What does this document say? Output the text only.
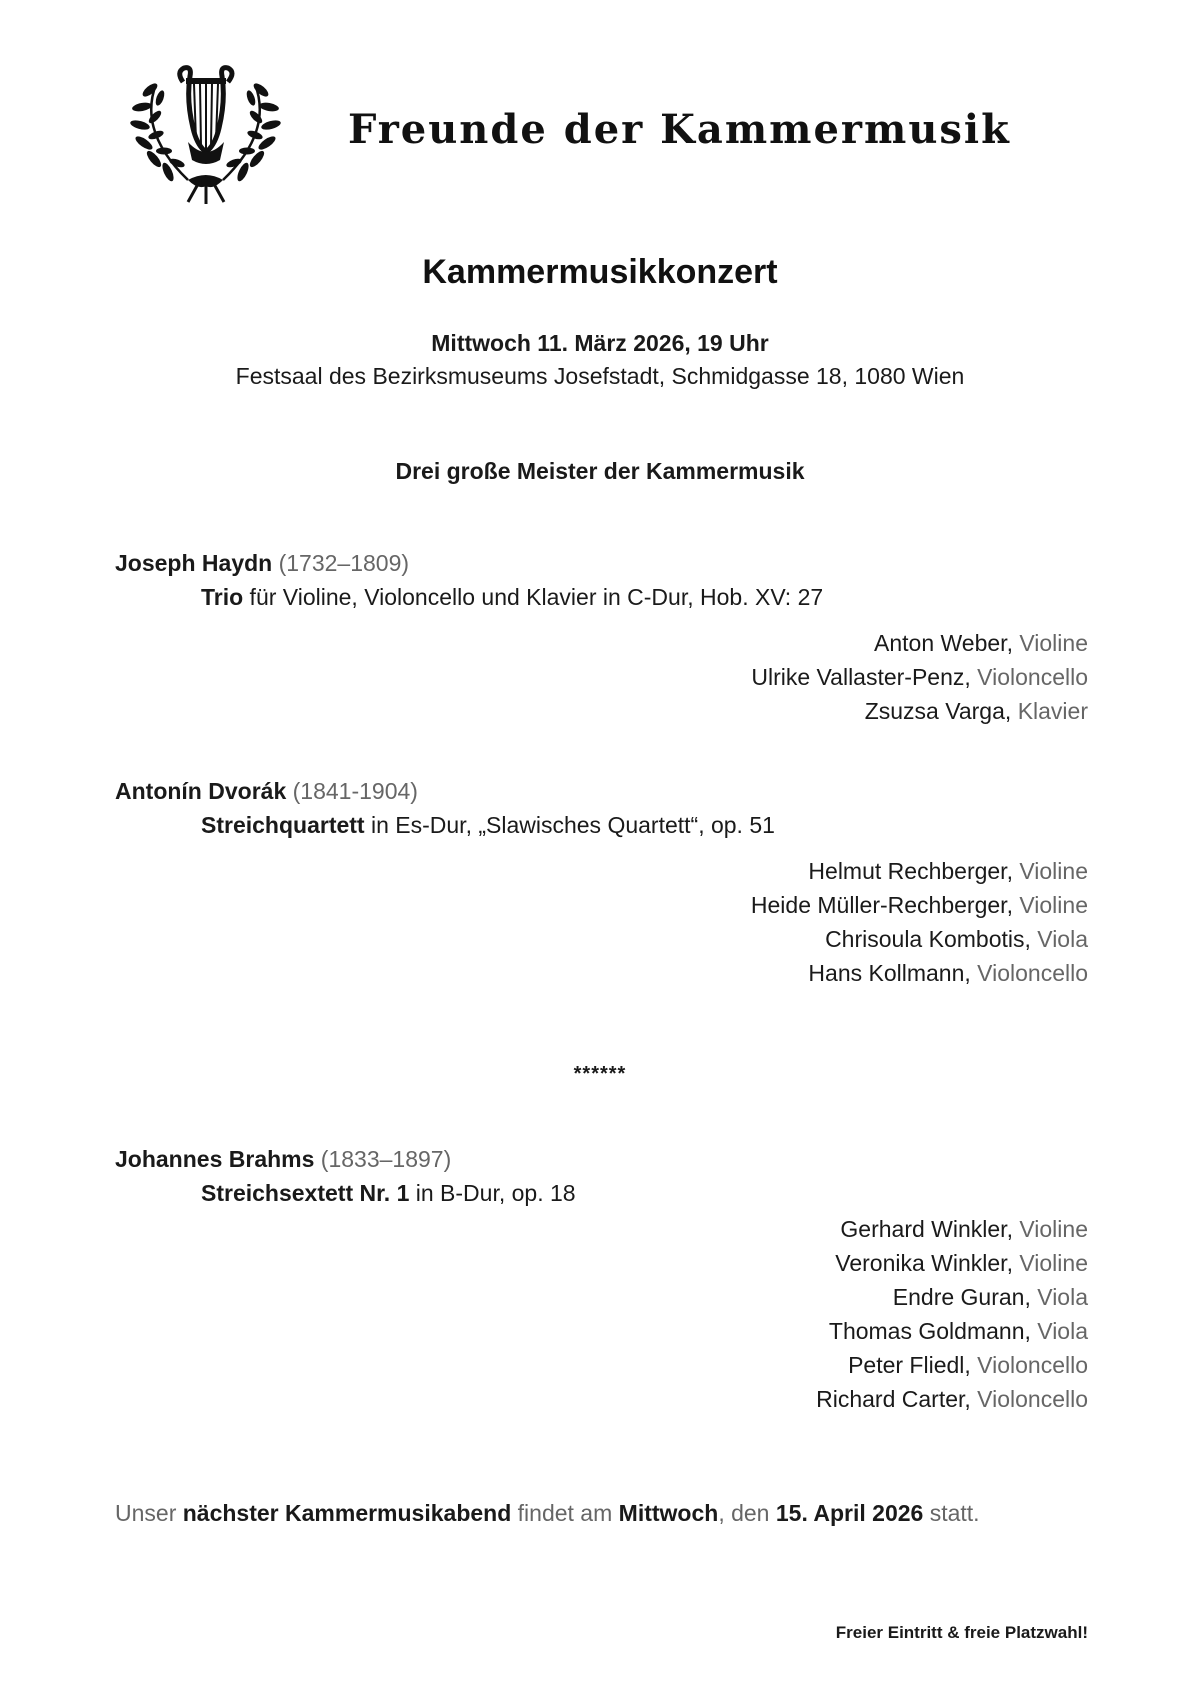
Freunde der Kammermusik
Kammermusikkonzert
Mittwoch 11. März 2026, 19 Uhr
Festsaal des Bezirksmuseums Josefstadt, Schmidgasse 18, 1080 Wien
Drei große Meister der Kammermusik
Joseph Haydn (1732–1809)
Trio für Violine, Violoncello und Klavier in C-Dur, Hob. XV: 27
Anton Weber, Violine
Ulrike Vallaster-Penz, Violoncello
Zsuzsa Varga, Klavier
Antonín Dvorák (1841-1904)
Streichquartett in Es-Dur, „Slawisches Quartett“, op. 51
Helmut Rechberger, Violine
Heide Müller-Rechberger, Violine
Chrisoula Kombotis, Viola
Hans Kollmann, Violoncello
******
Johannes Brahms (1833–1897)
Streichsextett Nr. 1 in B-Dur, op. 18
Gerhard Winkler, Violine
Veronika Winkler, Violine
Endre Guran, Viola
Thomas Goldmann, Viola
Peter Fliedl, Violoncello
Richard Carter, Violoncello
Unser nächster Kammermusikabend findet am Mittwoch, den 15. April 2026 statt.
Freier Eintritt & freie Platzwahl!
